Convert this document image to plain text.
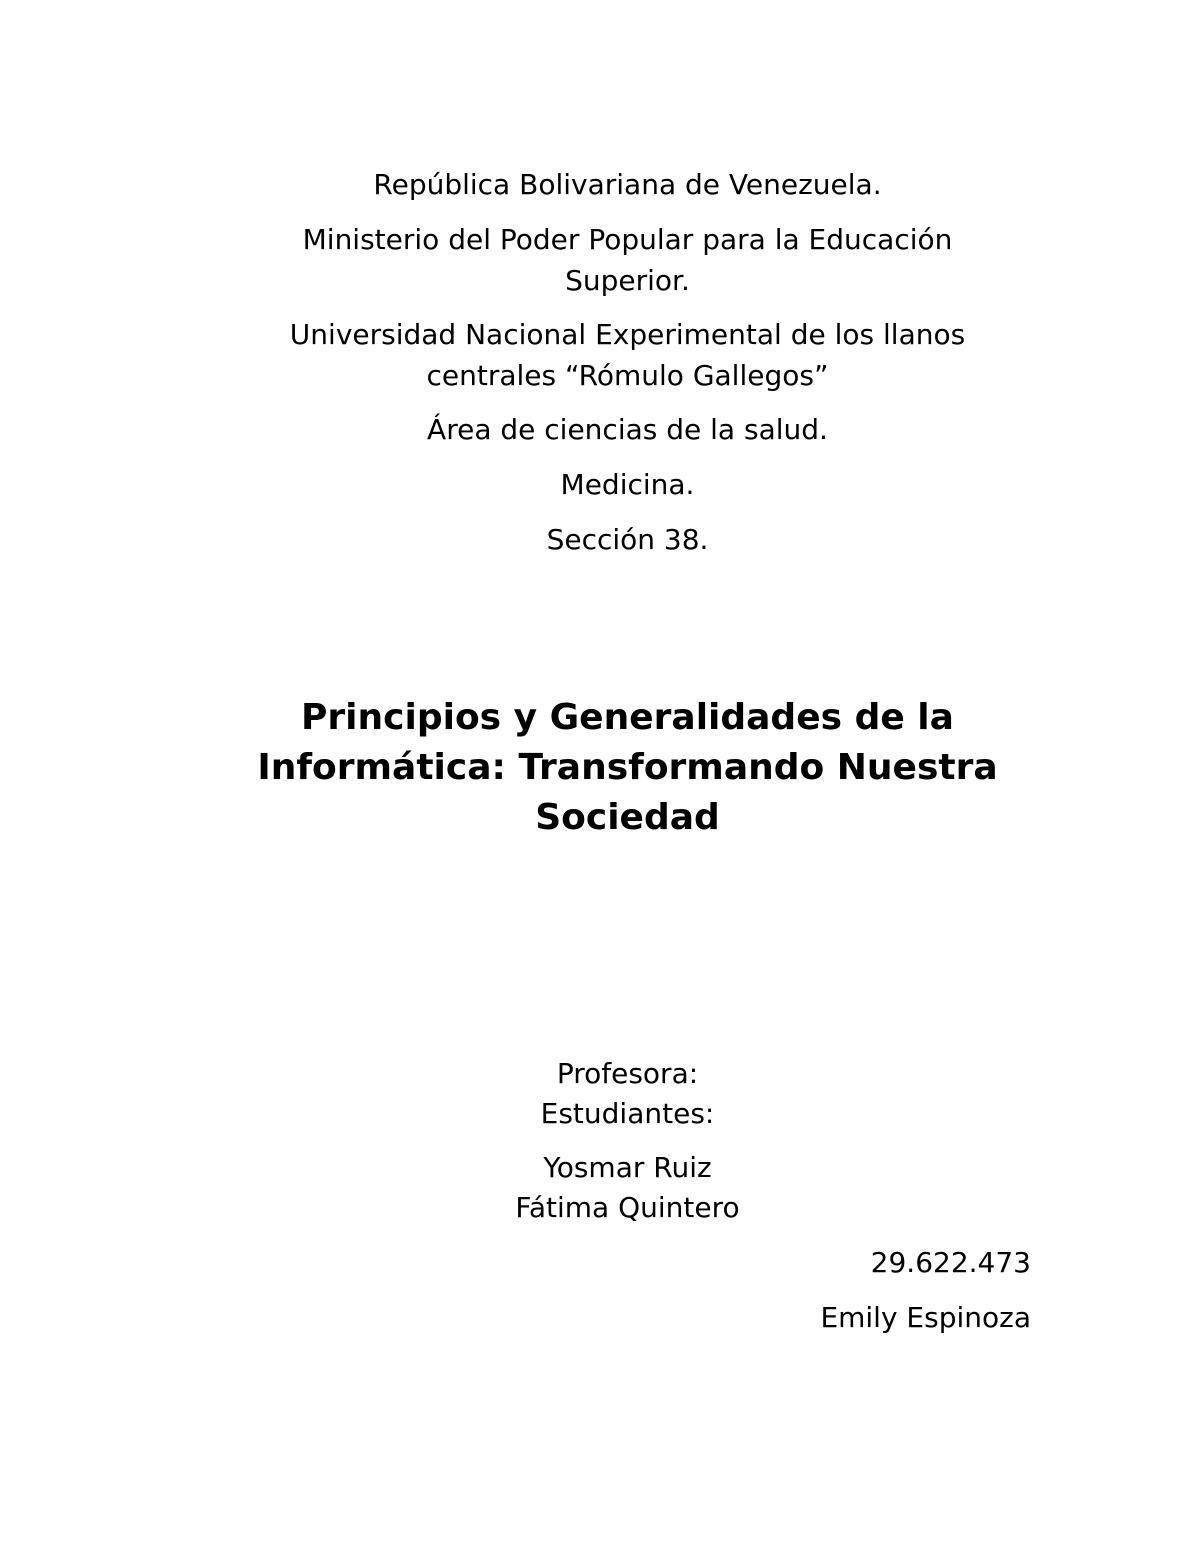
República Bolivariana de Venezuela.
Ministerio del Poder Popular para la Educación
Superior.
Universidad Nacional Experimental de los llanos
centrales “Rómulo Gallegos”
Área de ciencias de la salud.
Medicina.
Sección 38.
Principios y Generalidades de la
Informática: Transformando Nuestra
Sociedad
Profesora:
Estudiantes:
Yosmar Ruiz
Fátima Quintero
29.622.473
Emily Espinoza
